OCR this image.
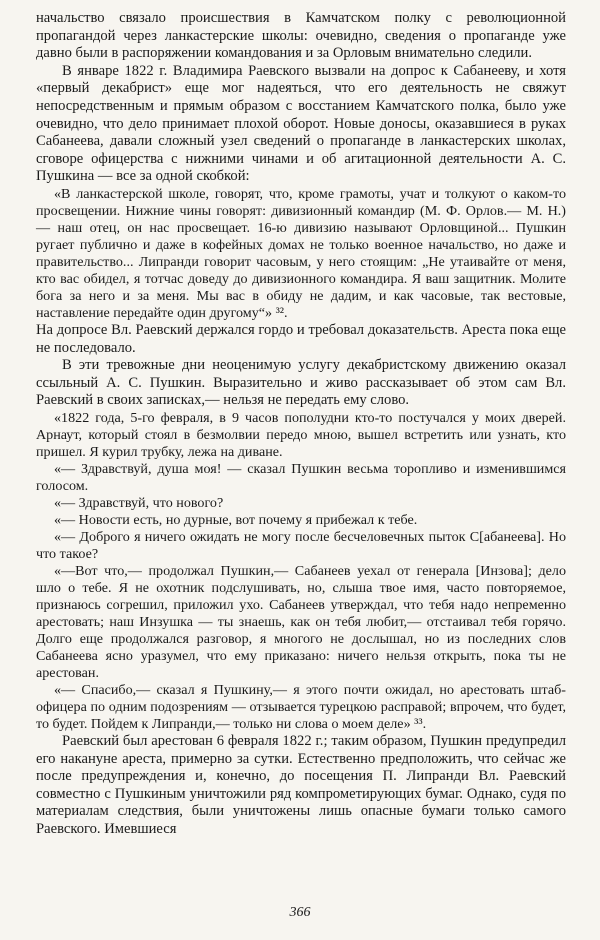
начальство связало происшествия в Камчатском полку с революционной пропагандой через ланкастерские школы: очевидно, сведения о пропаганде уже давно были в распоряжении командования и за Орловым внимательно следили.

В январе 1822 г. Владимира Раевского вызвали на допрос к Сабанееву, и хотя «первый декабрист» еще мог надеяться, что его деятельность не свяжут непосредственным и прямым образом с восстанием Камчатского полка, было уже очевидно, что дело принимает плохой оборот. Новые доносы, оказавшиеся в руках Сабанеева, давали сложный узел сведений о пропаганде в ланкастерских школах, сговоре офицерства с нижними чинами и об агитационной деятельности А. С. Пушкина — все за одной скобкой:

«В ланкастерской школе, говорят, что, кроме грамоты, учат и толкуют о каком-то просвещении. Нижние чины говорят: дивизионный командир (М. Ф. Орлов.— М. Н.) — наш отец, он нас просвещает. 16-ю дивизию называют Орловщиной... Пушкин ругает публично и даже в кофейных домах не только военное начальство, но даже и правительство... Липранди говорит часовым, у него стоящим: „Не утаивайте от меня, кто вас обидел, я тотчас доведу до дивизионного командира. Я ваш защитник. Молите бога за него и за меня. Мы вас в обиду не дадим, и как часовые, так вестовые, наставление передайте один другому“» ³².

На допросе Вл. Раевский держался гордо и требовал доказательств. Ареста пока еще не последовало.

В эти тревожные дни неоценимую услугу декабристскому движению оказал ссыльный А. С. Пушкин. Выразительно и живо рассказывает об этом сам Вл. Раевский в своих записках,— нельзя не передать ему слово.

«1822 года, 5-го февраля, в 9 часов пополудни кто-то постучался у моих дверей. Арнаут, который стоял в безмолвии передо мною, вышел встретить или узнать, кто пришел. Я курил трубку, лежа на диване.

«— Здравствуй, душа моя! — сказал Пушкин весьма торопливо и изменившимся голосом.

«— Здравствуй, что нового?

«— Новости есть, но дурные, вот почему я прибежал к тебе.

«— Доброго я ничего ожидать не могу после бесчеловечных пыток С[абанеева]. Но что такое?

«—Вот что,— продолжал Пушкин,— Сабанеев уехал от генерала [Инзова]; дело шло о тебе. Я не охотник подслушивать, но, слыша твое имя, часто повторяемое, признаюсь согрешил, приложил ухо. Сабанеев утверждал, что тебя надо непременно арестовать; наш Инзушка — ты знаешь, как он тебя любит,— отстаивал тебя горячо. Долго еще продолжался разговор, я многого не дослышал, но из последних слов Сабанеева ясно уразумел, что ему приказано: ничего нельзя открыть, пока ты не арестован.

«— Спасибо,— сказал я Пушкину,— я этого почти ожидал, но арестовать штаб-офицера по одним подозрениям — отзывается турецкою расправой; впрочем, что будет, то будет. Пойдем к Липранди,— только ни слова о моем деле» ³³.

Раевский был арестован 6 февраля 1822 г.; таким образом, Пушкин предупредил его накануне ареста, примерно за сутки. Естественно предположить, что сейчас же после предупреждения и, конечно, до посещения П. Липранди Вл. Раевский совместно с Пушкиным уничтожили ряд компрометирующих бумаг. Однако, судя по материалам следствия, были уничтожены лишь опасные бумаги только самого Раевского. Имевшиеся

366
